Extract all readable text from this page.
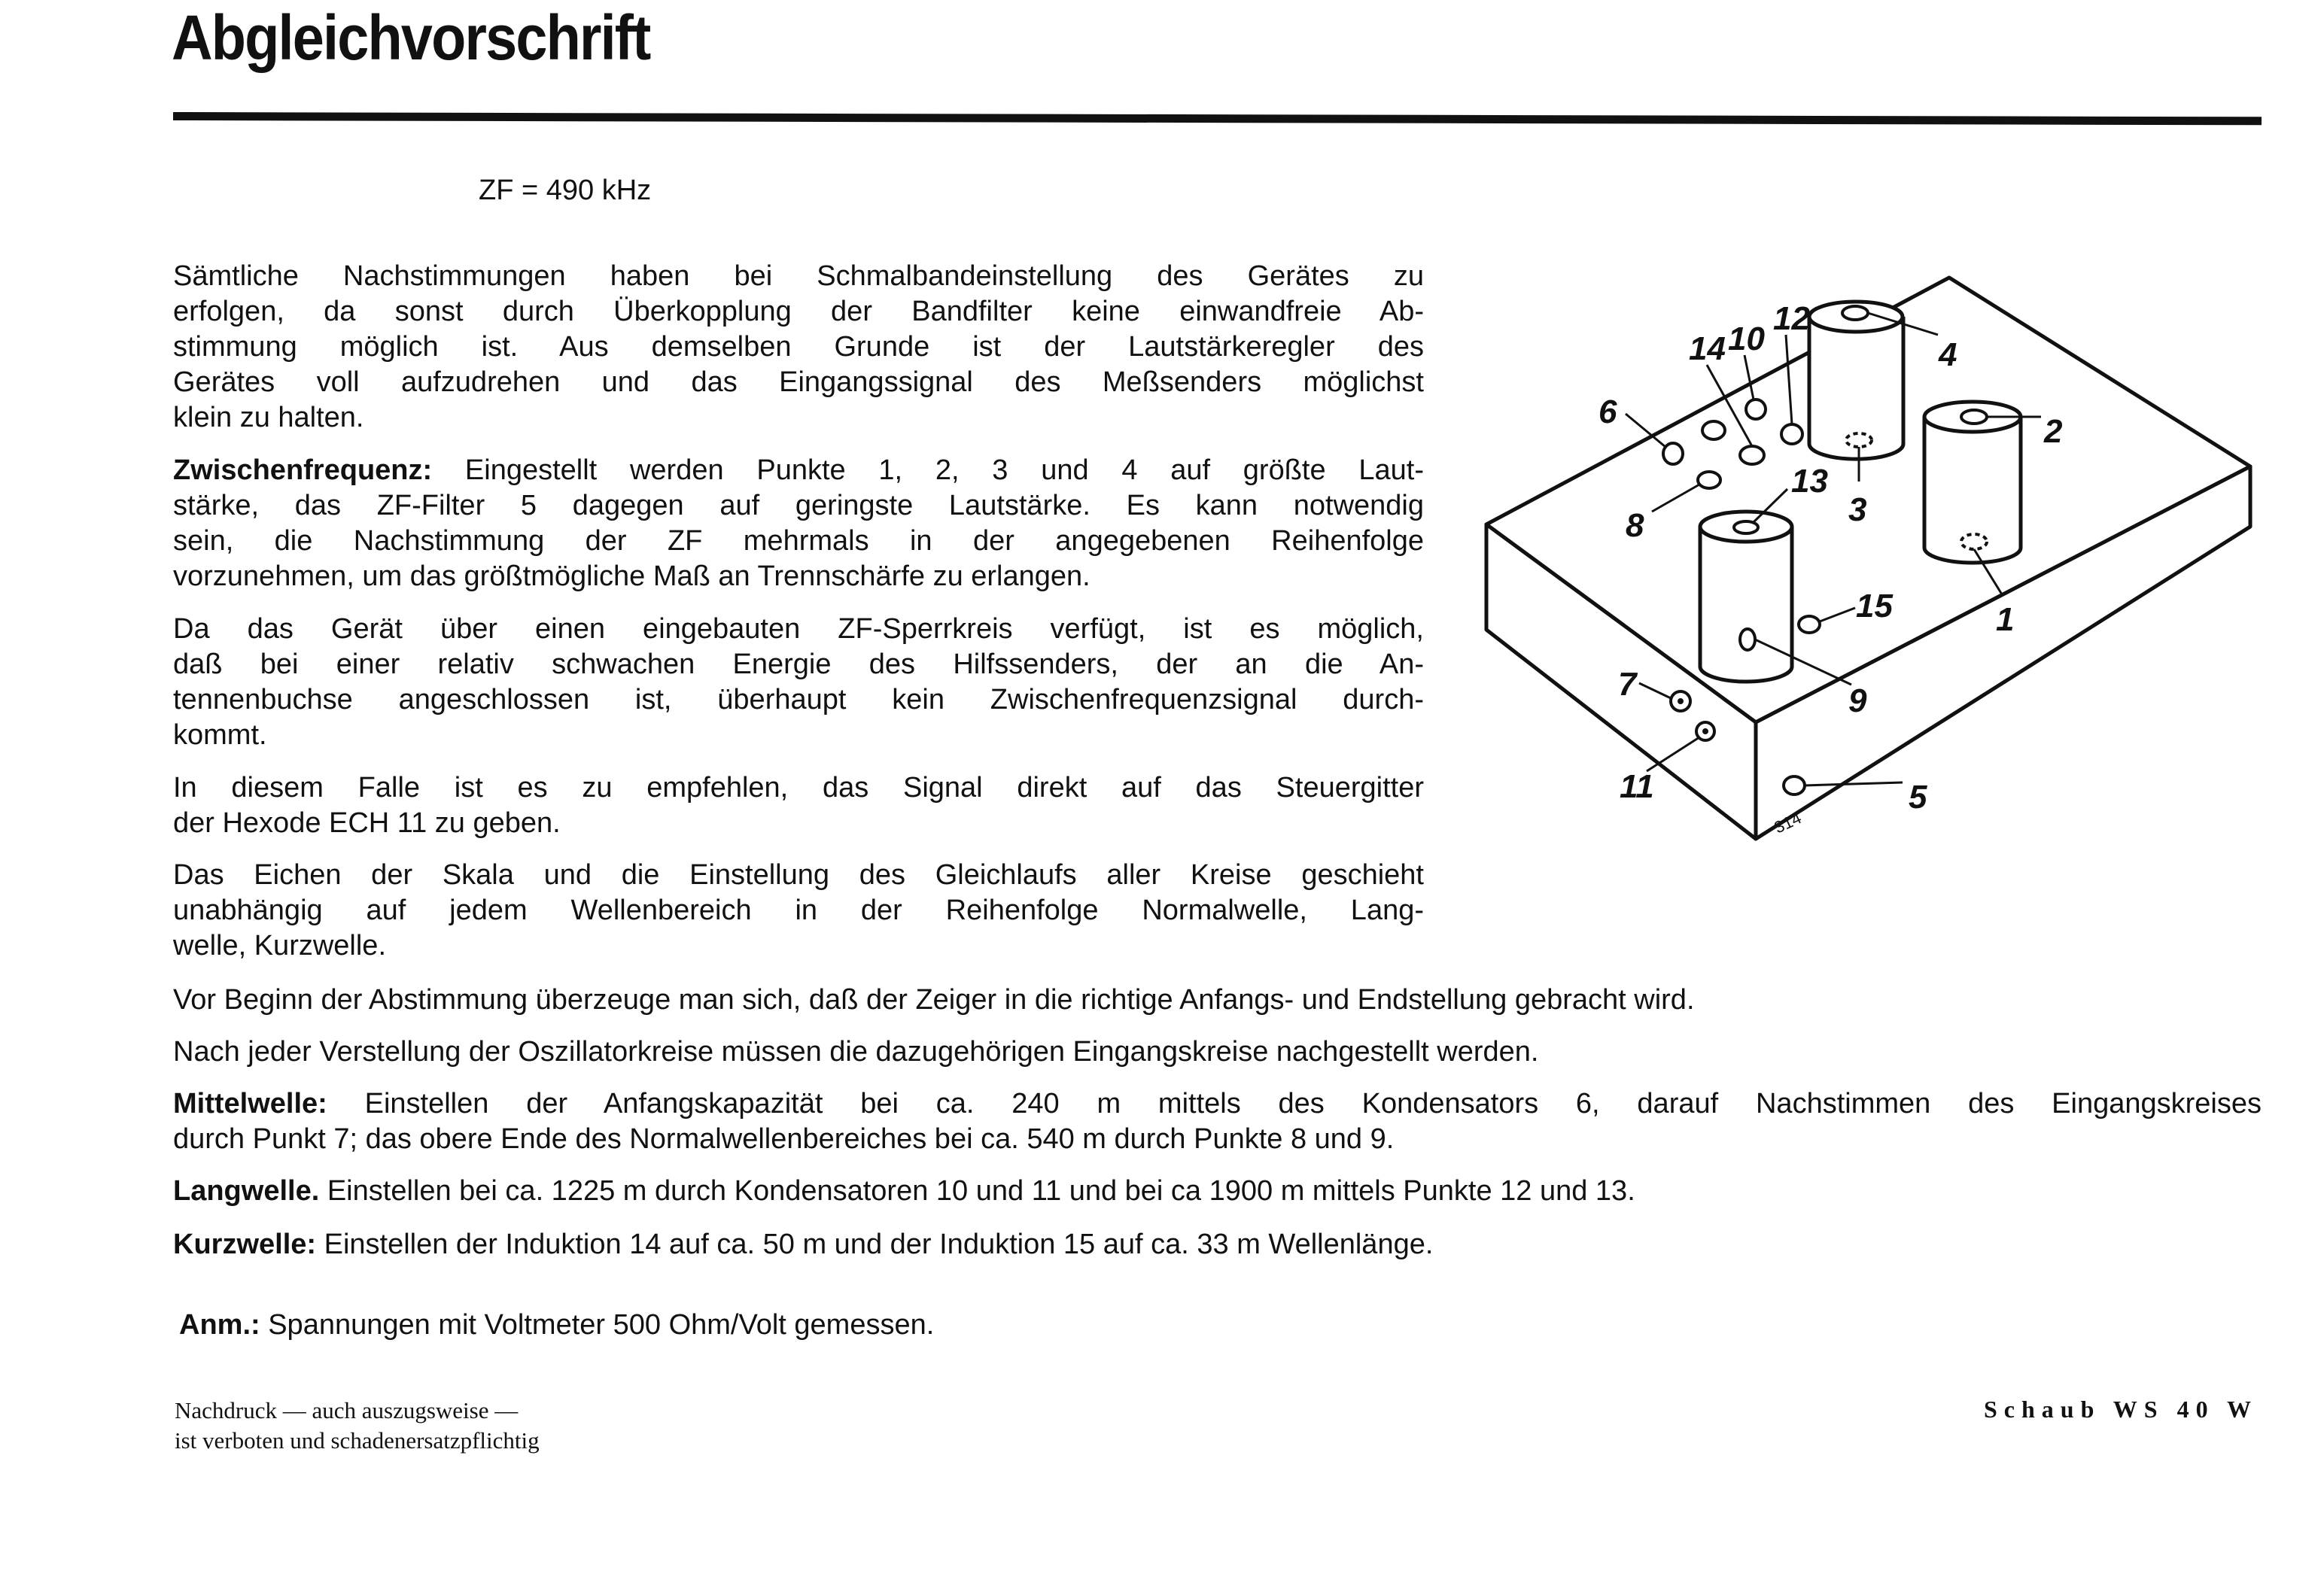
Abgleichvorschrift
ZF = 490 kHz
Sämtliche Nachstimmungen haben bei Schmalbandeinstellung des Gerätes zu
erfolgen, da sonst durch Überkopplung der Bandfilter keine einwandfreie Ab-
stimmung möglich ist. Aus demselben Grunde ist der Lautstärkeregler des
Gerätes voll aufzudrehen und das Eingangssignal des Meßsenders möglichst
klein zu halten.
Zwischenfrequenz: Eingestellt werden Punkte 1, 2, 3 und 4 auf größte Laut-
stärke, das ZF-Filter 5 dagegen auf geringste Lautstärke. Es kann notwendig
sein, die Nachstimmung der ZF mehrmals in der angegebenen Reihenfolge
vorzunehmen, um das größtmögliche Maß an Trennschärfe zu erlangen.
Da das Gerät über einen eingebauten ZF-Sperrkreis verfügt, ist es möglich,
daß bei einer relativ schwachen Energie des Hilfssenders, der an die An-
tennenbuchse angeschlossen ist, überhaupt kein Zwischenfrequenzsignal durch-
kommt.
In diesem Falle ist es zu empfehlen, das Signal direkt auf das Steuergitter
der Hexode ECH 11 zu geben.
Das Eichen der Skala und die Einstellung des Gleichlaufs aller Kreise geschieht
unabhängig auf jedem Wellenbereich in der Reihenfolge Normalwelle, Lang-
welle, Kurzwelle.
Vor Beginn der Abstimmung überzeuge man sich, daß der Zeiger in die richtige Anfangs- und Endstellung gebracht wird.
Nach jeder Verstellung der Oszillatorkreise müssen die dazugehörigen Eingangskreise nachgestellt werden.
Mittelwelle: Einstellen der Anfangskapazität bei ca. 240 m mittels des Kondensators 6, darauf Nachstimmen des Eingangskreises
durch Punkt 7; das obere Ende des Normalwellenbereiches bei ca. 540 m durch Punkte 8 und 9.
Langwelle. Einstellen bei ca. 1225 m durch Kondensatoren 10 und 11 und bei ca 1900 m mittels Punkte 12 und 13.
Kurzwelle: Einstellen der Induktion 14 auf ca. 50 m und der Induktion 15 auf ca. 33 m Wellenlänge.
Anm.: Spannungen mit Voltmeter 500 Ohm/Volt gemessen.
Nachdruck — auch auszugsweise —
ist verboten und schadenersatzpflichtig
Schaub WS 40 W
1
2
3
4
5
6
7
8
9
10
11
12
13
14
15
314
